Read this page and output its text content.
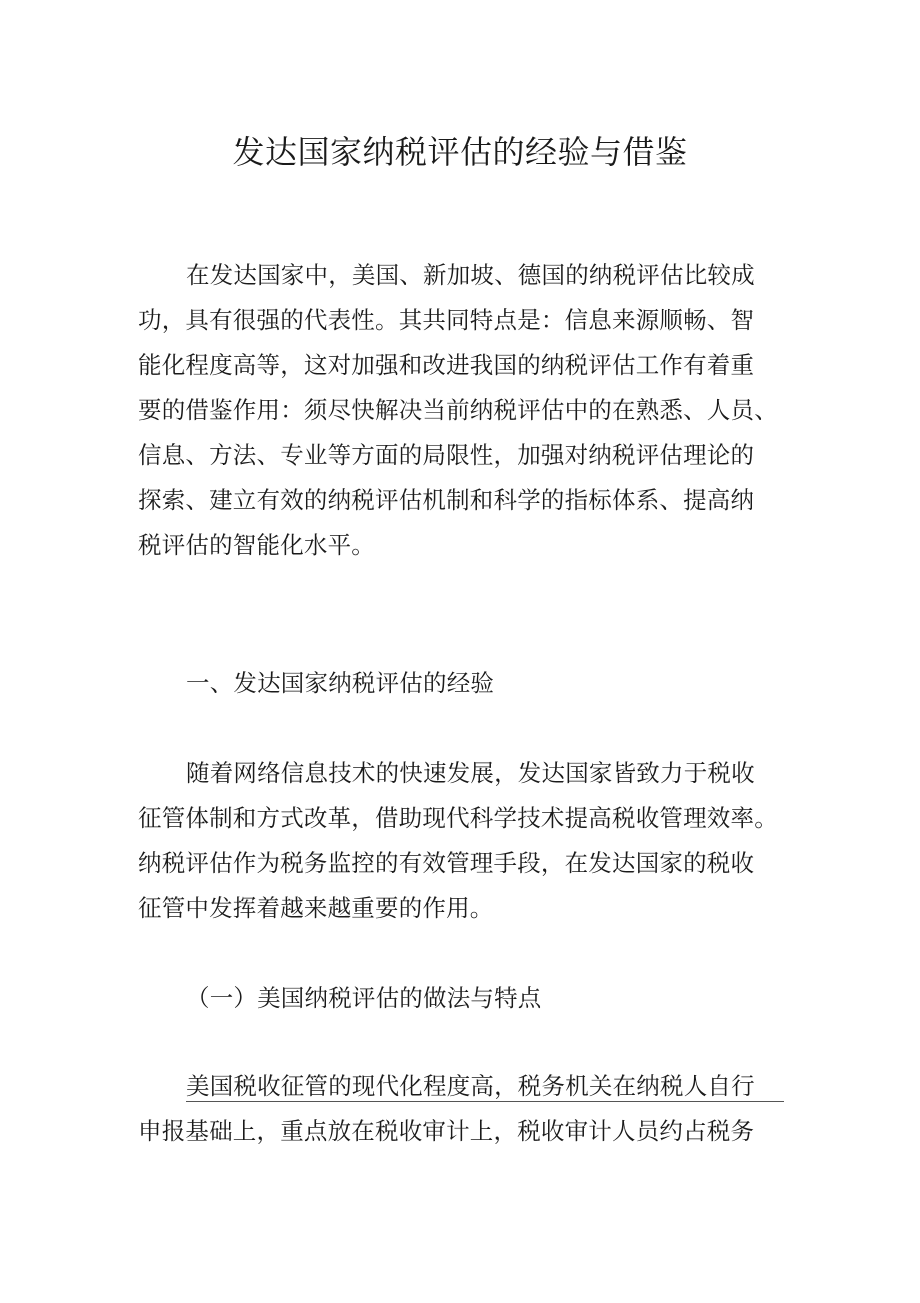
发达国家纳税评估的经验与借鉴
在发达国家中，美国、新加坡、德国的纳税评估比较成
功，具有很强的代表性。其共同特点是：信息来源顺畅、智
能化程度高等，这对加强和改进我国的纳税评估工作有着重
要的借鉴作用：须尽快解决当前纳税评估中的在熟悉、人员、
信息、方法、专业等方面的局限性，加强对纳税评估理论的
探索、建立有效的纳税评估机制和科学的指标体系、提高纳
税评估的智能化水平。
一、发达国家纳税评估的经验
随着网络信息技术的快速发展，发达国家皆致力于税收
征管体制和方式改革，借助现代科学技术提高税收管理效率。
纳税评估作为税务监控的有效管理手段，在发达国家的税收
征管中发挥着越来越重要的作用。
（一）美国纳税评估的做法与特点
美国税收征管的现代化程度高，税务机关在纳税人自行
申报基础上，重点放在税收审计上，税收审计人员约占税务
